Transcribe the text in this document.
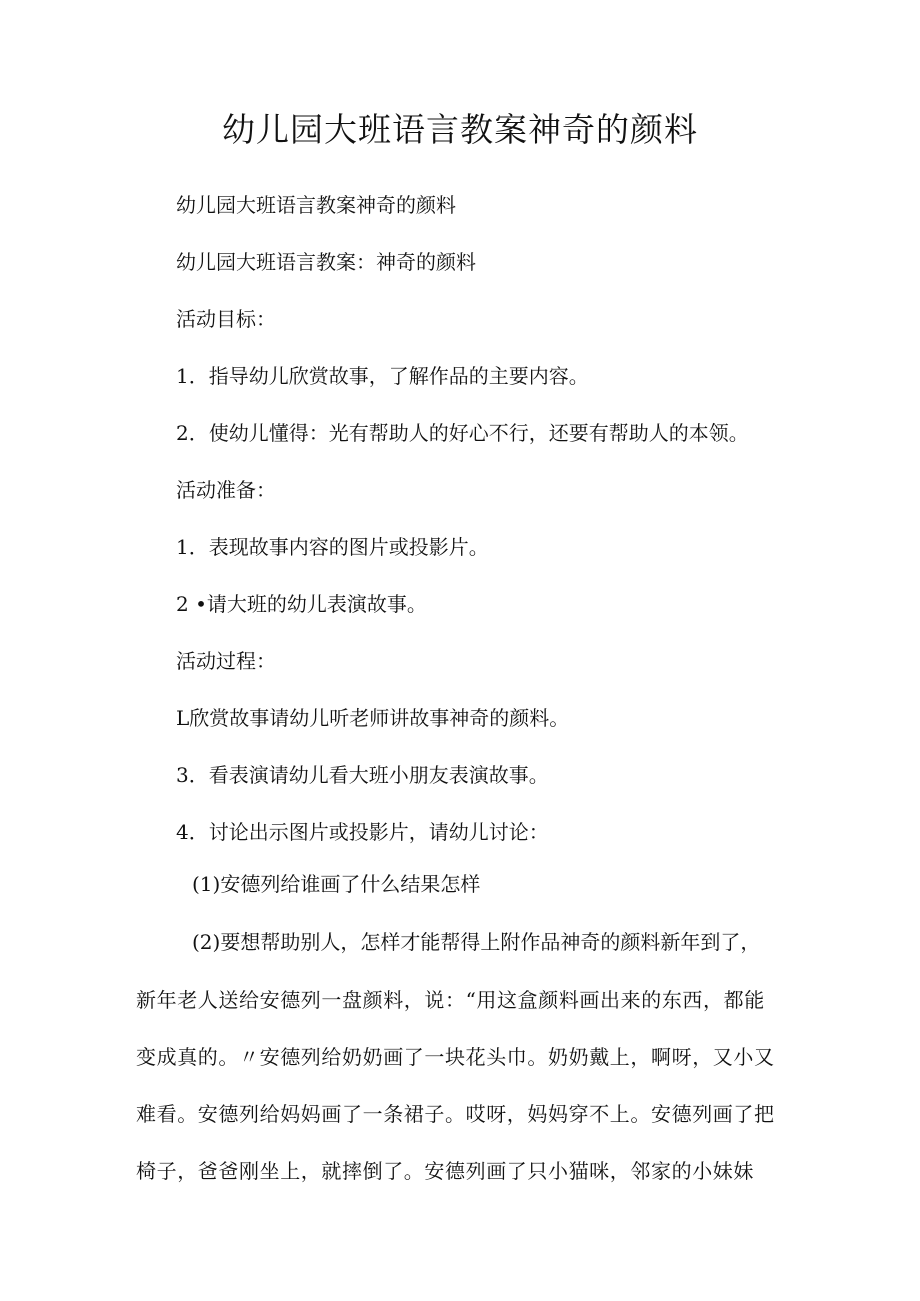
幼儿园大班语言教案神奇的颜料
幼儿园大班语言教案神奇的颜料
幼儿园大班语言教案：神奇的颜料
活动目标：
1．指导幼儿欣赏故事，了解作品的主要内容。
2．使幼儿懂得：光有帮助人的好心不行，还要有帮助人的本领。
活动准备：
1．表现故事内容的图片或投影片。
2 •请大班的幼儿表演故事。
活动过程：
L欣赏故事请幼儿听老师讲故事神奇的颜料。
3．看表演请幼儿看大班小朋友表演故事。
4．讨论出示图片或投影片，请幼儿讨论：
(1)安德列给谁画了什么结果怎样
(2)要想帮助别人，怎样才能帮得上附作品神奇的颜料新年到了，
新年老人送给安德列一盘颜料，说：“用这盒颜料画出来的东西，都能
变成真的。〃安德列给奶奶画了一块花头巾。奶奶戴上，啊呀，又小又
难看。安德列给妈妈画了一条裙子。哎呀，妈妈穿不上。安德列画了把
椅子，爸爸刚坐上，就摔倒了。安德列画了只小猫咪，邻家的小妹妹
